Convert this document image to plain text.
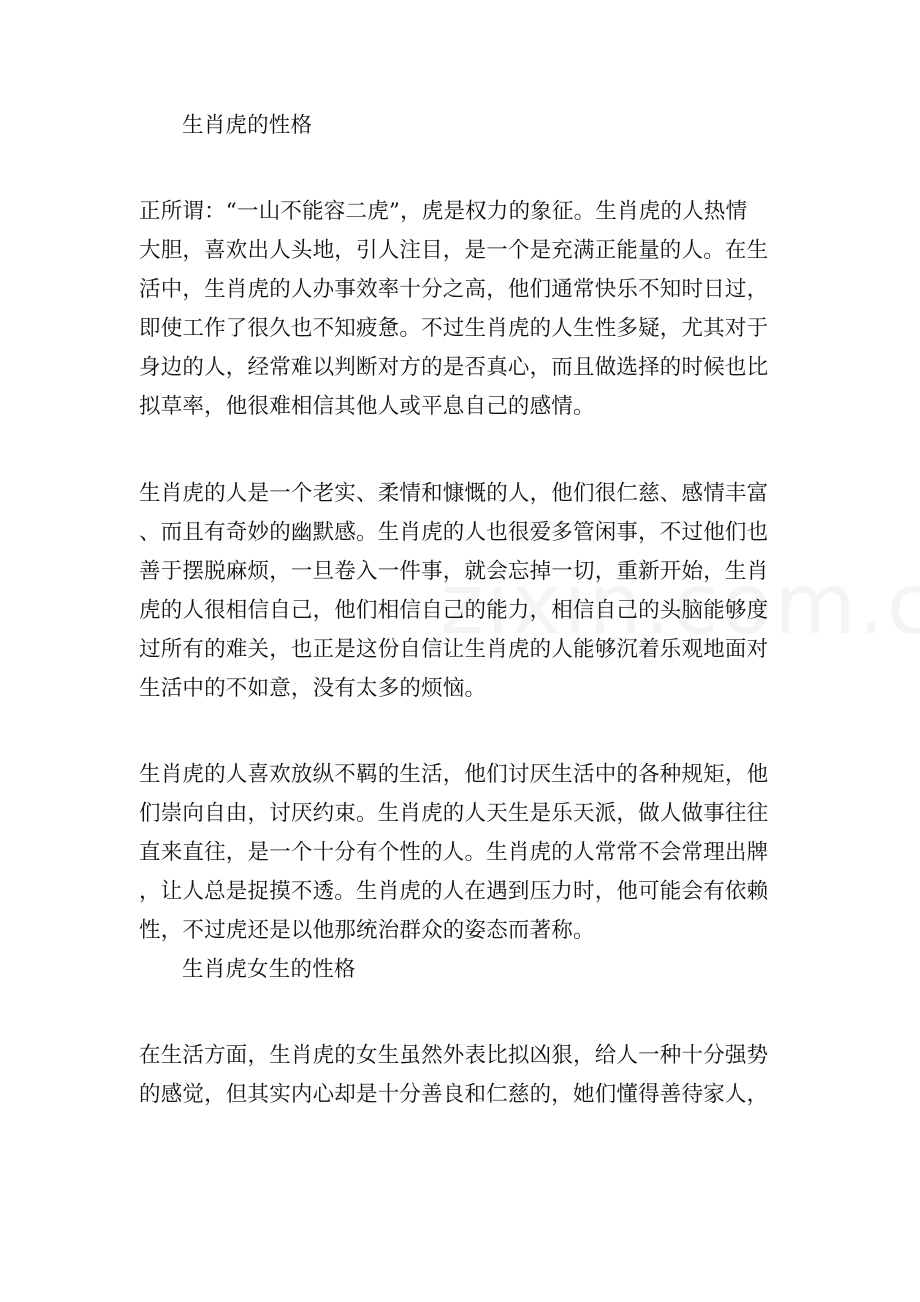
生肖虎的性格
正所谓：“一山不能容二虎”，虎是权力的象征。生肖虎的人热情
大胆，喜欢出人头地，引人注目，是一个是充满正能量的人。在生
活中，生肖虎的人办事效率十分之高，他们通常快乐不知时日过，
即使工作了很久也不知疲惫。不过生肖虎的人生性多疑，尤其对于
身边的人，经常难以判断对方的是否真心，而且做选择的时候也比
拟草率，他很难相信其他人或平息自己的感情。
生肖虎的人是一个老实、柔情和慷慨的人，他们很仁慈、感情丰富
、而且有奇妙的幽默感。生肖虎的人也很爱多管闲事，不过他们也
善于摆脱麻烦，一旦卷入一件事，就会忘掉一切，重新开始，生肖
虎的人很相信自己，他们相信自己的能力，相信自己的头脑能够度
过所有的难关，也正是这份自信让生肖虎的人能够沉着乐观地面对
生活中的不如意，没有太多的烦恼。
生肖虎的人喜欢放纵不羁的生活，他们讨厌生活中的各种规矩，他
们崇向自由，讨厌约束。生肖虎的人天生是乐天派，做人做事往往
直来直往，是一个十分有个性的人。生肖虎的人常常不会常理出牌
，让人总是捉摸不透。生肖虎的人在遇到压力时，他可能会有依赖
性，不过虎还是以他那统治群众的姿态而著称。
生肖虎女生的性格
在生活方面，生肖虎的女生虽然外表比拟凶狠，给人一种十分强势
的感觉，但其实内心却是十分善良和仁慈的，她们懂得善待家人，
